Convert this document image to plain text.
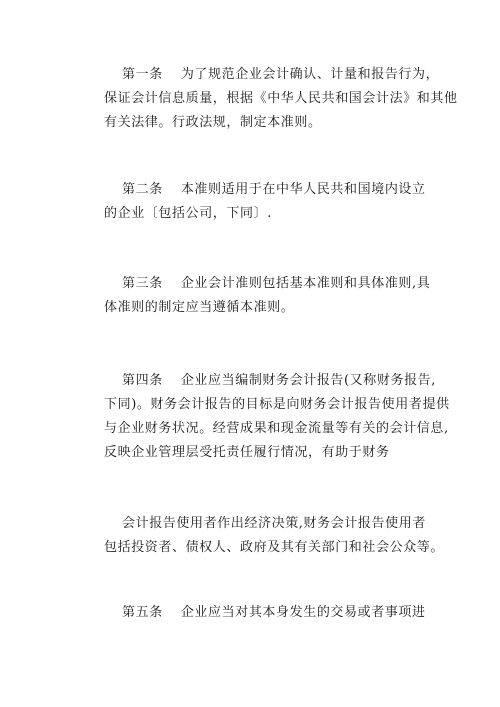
第一条 为了规范企业会计确认、计量和报告行为，
保证会计信息质量，根据《中华人民共和国会计法》和其他
有关法律。行政法规，制定本准则。

第二条 本准则适用于在中华人民共和国境内设立
的企业〔包括公司，下同〕.

第三条 企业会计准则包括基本准则和具体准则,具
体准则的制定应当遵循本准则。

第四条 企业应当编制财务会计报告(又称财务报告,
下同)。财务会计报告的目标是向财务会计报告使用者提供
与企业财务状况。经营成果和现金流量等有关的会计信息,
反映企业管理层受托责任履行情况，有助于财务

会计报告使用者作出经济决策,财务会计报告使用者
包括投资者、债权人、政府及其有关部门和社会公众等。

第五条 企业应当对其本身发生的交易或者事项进
